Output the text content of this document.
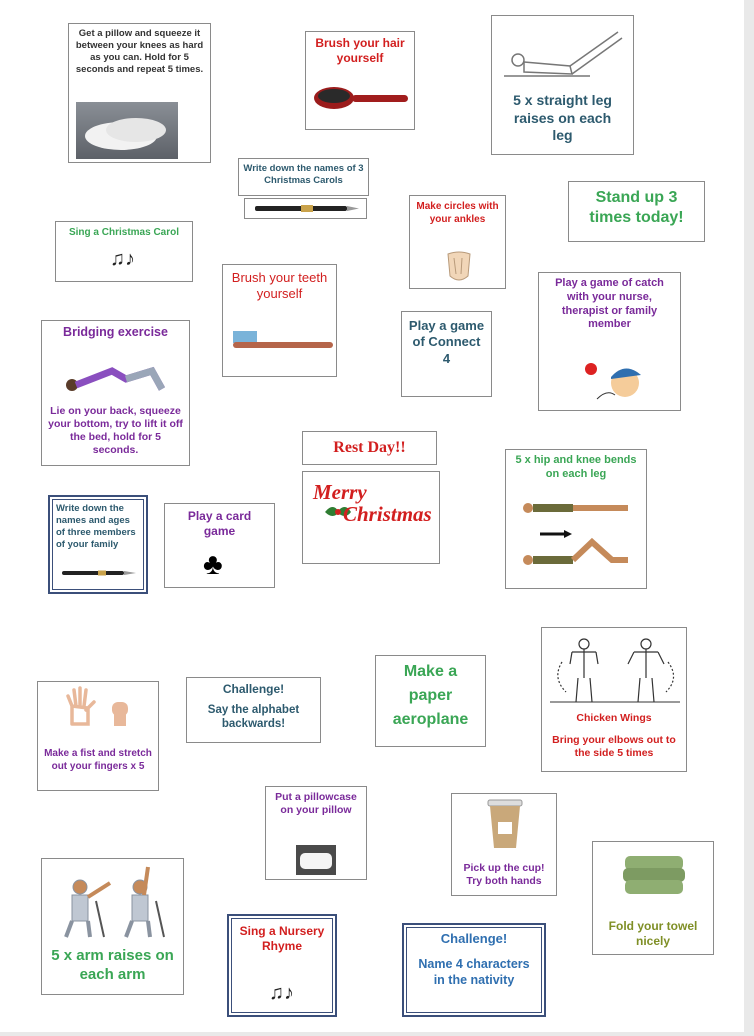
Get a pillow and squeeze it between your knees as hard as you can. Hold for 5 seconds and repeat 5 times.
Brush your hair yourself
5 x straight leg raises on each leg
Write down the names of 3 Christmas Carols
Make circles with your ankles
Stand up 3 times today!
Sing a Christmas Carol
♫♪
Brush your teeth yourself
Play a game of Connect 4
Play a game of catch with your nurse, therapist or family member
Bridging exercise
Lie on your back, squeeze your bottom, try to lift it off the bed, hold for 5 seconds.	Rest Day!!
Merry
Christmas
5 x hip and knee bends on each leg
Write down the names and ages of three members of your family
Play a card game
♣
Make a fist and stretch out your fingers x 5
Challenge!
Say the alphabet backwards!
Make a paper aeroplane	Chicken Wings
Bring your elbows out to the side 5 times
Put a pillowcase on your pillow
Pick up the cup! Try both hands
Fold your towel nicely
A	B
5 x arm raises on each arm
Sing a Nursery Rhyme
♫♪
Challenge!
Name 4 characters in the nativity
